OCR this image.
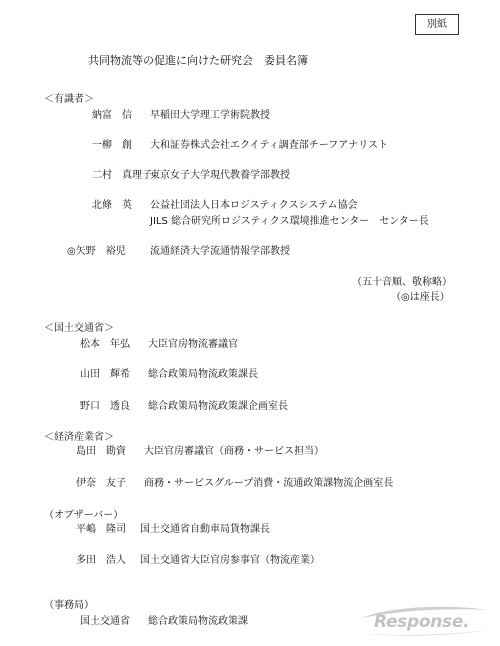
別紙
共同物流等の促進に向けた研究会　委員名簿
＜有識者＞
納富　信 早稲田大学理工学術院教授
一柳　創 大和証券株式会社エクイティ調査部チーフアナリスト
二村　真理子
東京女子大学現代教養学部教授
北條　英 公益社団法人日本ロジスティクスシステム協会
JILS 総合研究所ロジスティクス環境推進センター　センター長
◎矢野　裕児 流通経済大学流通情報学部教授
（五十音順、敬称略）
（◎は座長）
＜国土交通省＞
松本　年弘 大臣官房物流審議官
山田　輝希 総合政策局物流政策課長
野口　透良 総合政策局物流政策課企画室長
＜経済産業省＞
島田　勘資 大臣官房審議官（商務・サービス担当）
伊奈　友子 商務・サービスグループ消費・流通政策課物流企画室長
（オブザーバー）
平嶋　隆司 国土交通省自動車局貨物課長
多田　浩人 国土交通省大臣官房参事官（物流産業）
（事務局）
国土交通省 総合政策局物流政策課	Response.
